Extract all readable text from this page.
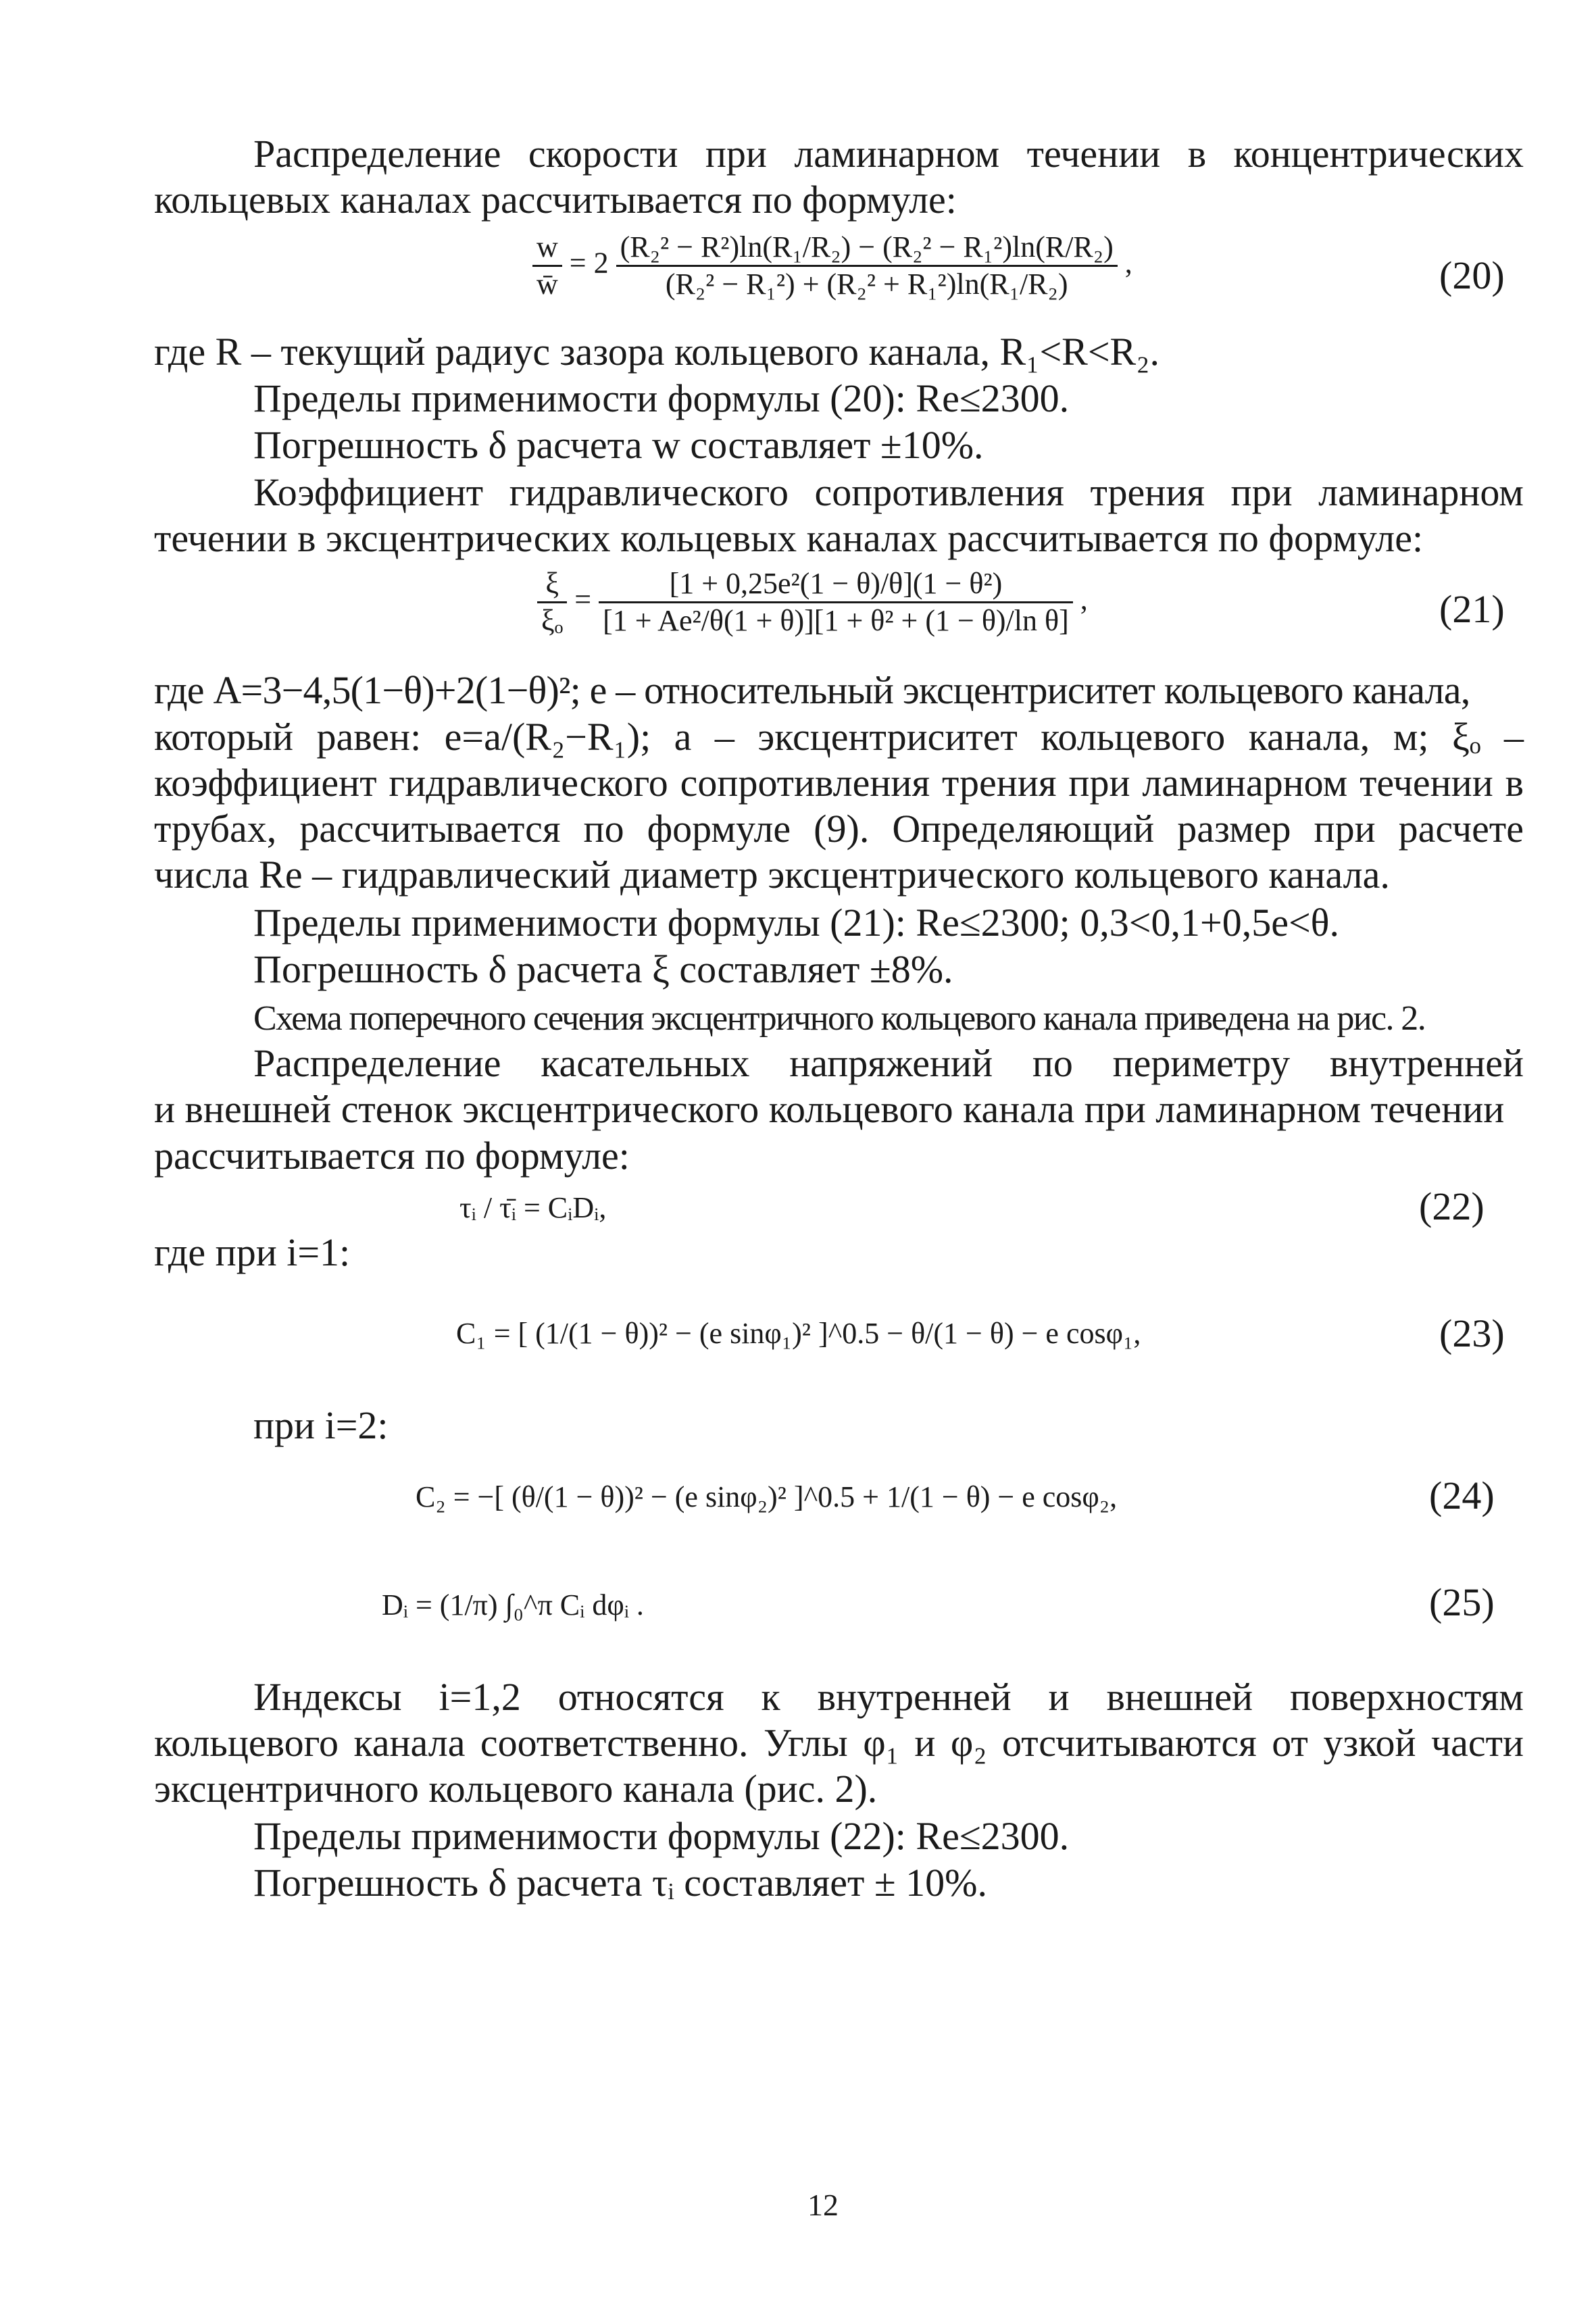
Распределение скорости при ламинарном течении в концентрических
кольцевых каналах рассчитывается по формуле:
$\frac{w}{w̄} = 2 \frac{\text{(R₂² − R²)ln(R₁/R₂) − (R₂² − R₁²)ln(R/R₂)}}{\text{(R₂² − R₁²) + (R₂² + R₁²)ln(R₁/R₂)}}$ ,	(20)
где R – текущий радиус зазора кольцевого канала, R₁<R<R₂.
Пределы применимости формулы (20): Re≤2300.
Погрешность δ расчета w составляет ±10%.
Коэффициент гидравлического сопротивления трения при ламинарном
течении в эксцентрических кольцевых каналах рассчитывается по формуле:
$\frac{\xi}{\text{ξₒ}} = \frac{\text{[1 + 0,25e²(1 − θ)/θ](1 − θ²)}}{\text{[1 + Ae²/θ(1 + θ)][1 + θ² + (1 − θ)/ln θ]}}$ ,	(21)
где A=3−4,5(1−θ)+2(1−θ)²; e – относительный эксцентриситет кольцевого канала,
который равен: e=a/(R₂−R₁); a – эксцентриситет кольцевого канала, м; ξₒ –
коэффициент гидравлического сопротивления трения при ламинарном течении в
трубах, рассчитывается по формуле (9). Определяющий размер при расчете
числа Re – гидравлический диаметр эксцентрического кольцевого канала.
Пределы применимости формулы (21): Re≤2300; 0,3<0,1+0,5e<θ.
Погрешность δ расчета ξ составляет ±8%.
Схема поперечного сечения эксцентричного кольцевого канала приведена на рис. 2.
Распределение касательных напряжений по периметру внутренней
и внешней стенок эксцентрического кольцевого канала при ламинарном течении
рассчитывается по формуле:
τᵢ / τ̄ᵢ = CᵢDᵢ,	(22)
где при i=1:
C₁ = [ (1/(1 − θ))² − (e sinφ₁)² ]^0.5 − θ/(1 − θ) − e cosφ₁,	(23)
при i=2:
C₂ = −[ (θ/(1 − θ))² − (e sinφ₂)² ]^0.5 + 1/(1 − θ) − e cosφ₂,	(24)
Dᵢ = (1/π) ∫₀^π Cᵢ dφᵢ .	(25)
Индексы i=1,2 относятся к внутренней и внешней поверхностям
кольцевого канала соответственно. Углы φ₁ и φ₂ отсчитываются от узкой части
эксцентричного кольцевого канала (рис. 2).
Пределы применимости формулы (22): Re≤2300.
Погрешность δ расчета τᵢ составляет ± 10%.
12
